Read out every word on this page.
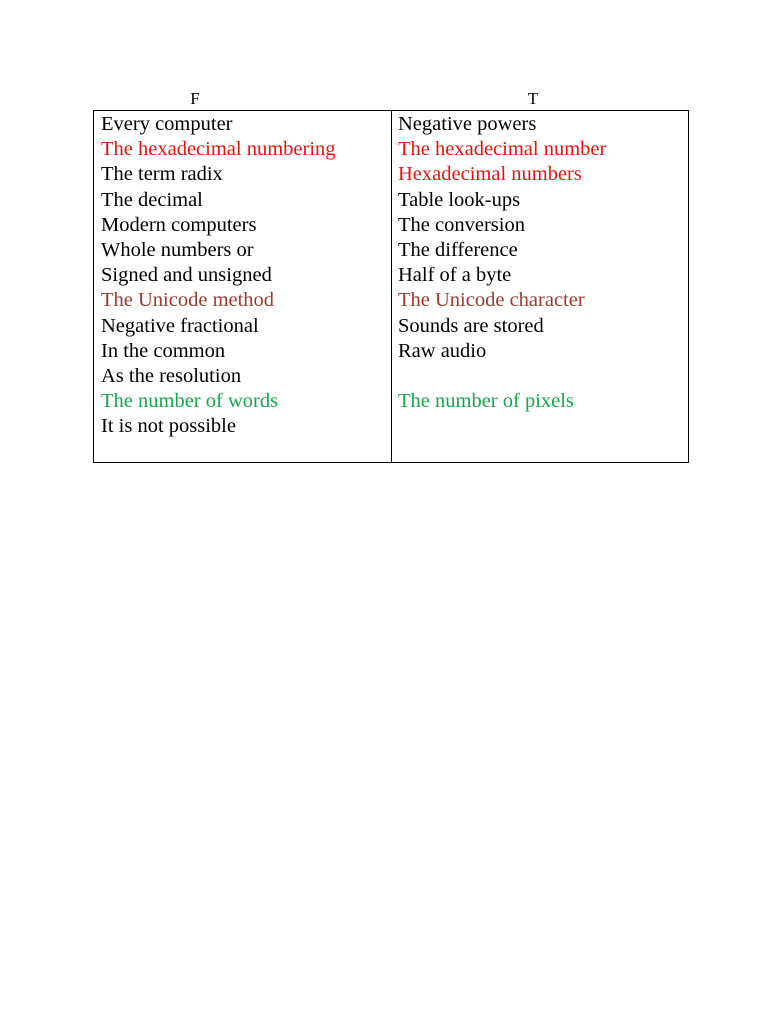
F	T
Every computer
The hexadecimal numbering
The term radix
The decimal
Modern computers
Whole numbers or
Signed and unsigned
The Unicode method
Negative fractional
In the common
As the resolution
The number of words
It is not possible
Negative powers
The hexadecimal number
Hexadecimal numbers
Table look-ups
The conversion
The difference
Half of a byte
The Unicode character
Sounds are stored
Raw audio
The number of pixels
